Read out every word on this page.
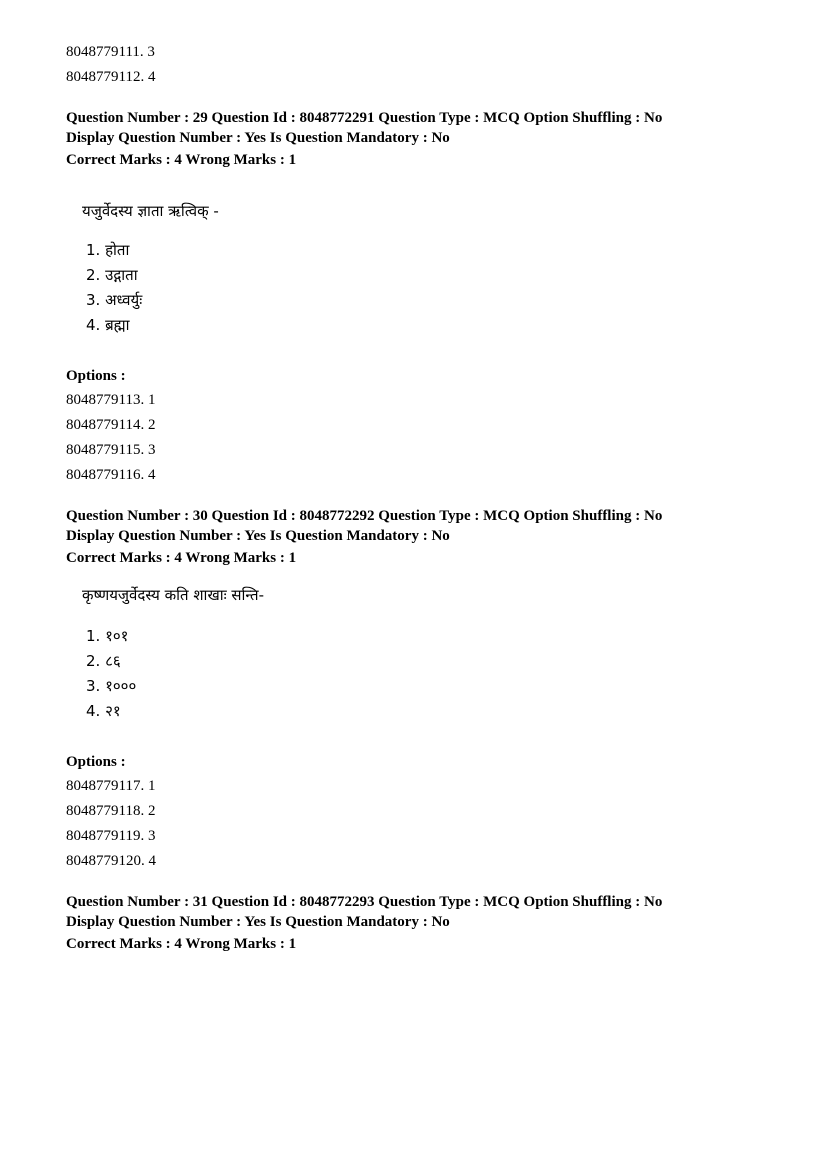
8048779111. 3
8048779112. 4
Question Number : 29 Question Id : 8048772291 Question Type : MCQ Option Shuffling : No
Display Question Number : Yes Is Question Mandatory : No
Correct Marks : 4 Wrong Marks : 1
यजुर्वेदस्य ज्ञाता ऋत्विक् -
1. होता
2. उद्गाता
3. अध्वर्युः
4. ब्रह्मा
Options :
8048779113. 1
8048779114. 2
8048779115. 3
8048779116. 4
Question Number : 30 Question Id : 8048772292 Question Type : MCQ Option Shuffling : No
Display Question Number : Yes Is Question Mandatory : No
Correct Marks : 4 Wrong Marks : 1
कृष्णयजुर्वेदस्य कति शाखाः सन्ति-
1. १०१
2. ८६
3. १०००
4. २१
Options :
8048779117. 1
8048779118. 2
8048779119. 3
8048779120. 4
Question Number : 31 Question Id : 8048772293 Question Type : MCQ Option Shuffling : No
Display Question Number : Yes Is Question Mandatory : No
Correct Marks : 4 Wrong Marks : 1
